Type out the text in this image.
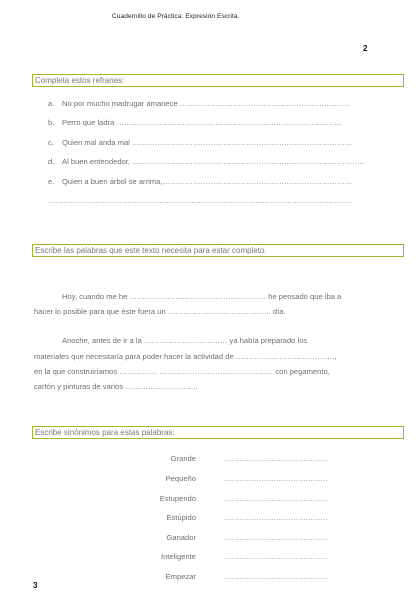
Cuadernillo de Práctica: Expresión Escrita.
2
Completa estos refranes:
a. No por mucho madrugar amanece ………………………………………………………….
b. Perro que ladra ……………………………………………………………………………..
c. Quien mal anda mal ……………………………………………………………………………
d. Al buen entendedor, ………………………………………………………………………………..
e. Quien a buen árbol se arrima,…………………………………………………………………
……………………………………………………………………………………………………………
Escribe las palabras que este texto necesita para estar completo.
Hoy, cuando me he ……………………………………………… he pensado que iba a
hacer lo posible para que éste fuera un ………………………………….. día.
Anoche, antes de ir a la …………………………… ya había preparado los
materiales que necesitaría para poder hacer la actividad de………………………………….,
en la que construiríamos …………… ……………………………………… con pegamento,
cartón y pinturas de varios ………………………..
Escribe sinónimos para estas palabras:
Grande	……………………………………
Pequeño	……………………………………
Estupendo	……………………………………
Estúpido	……………………………………
Ganador	……………………………………
Inteligente	……………………………………
Empezar	……………………………………
3
